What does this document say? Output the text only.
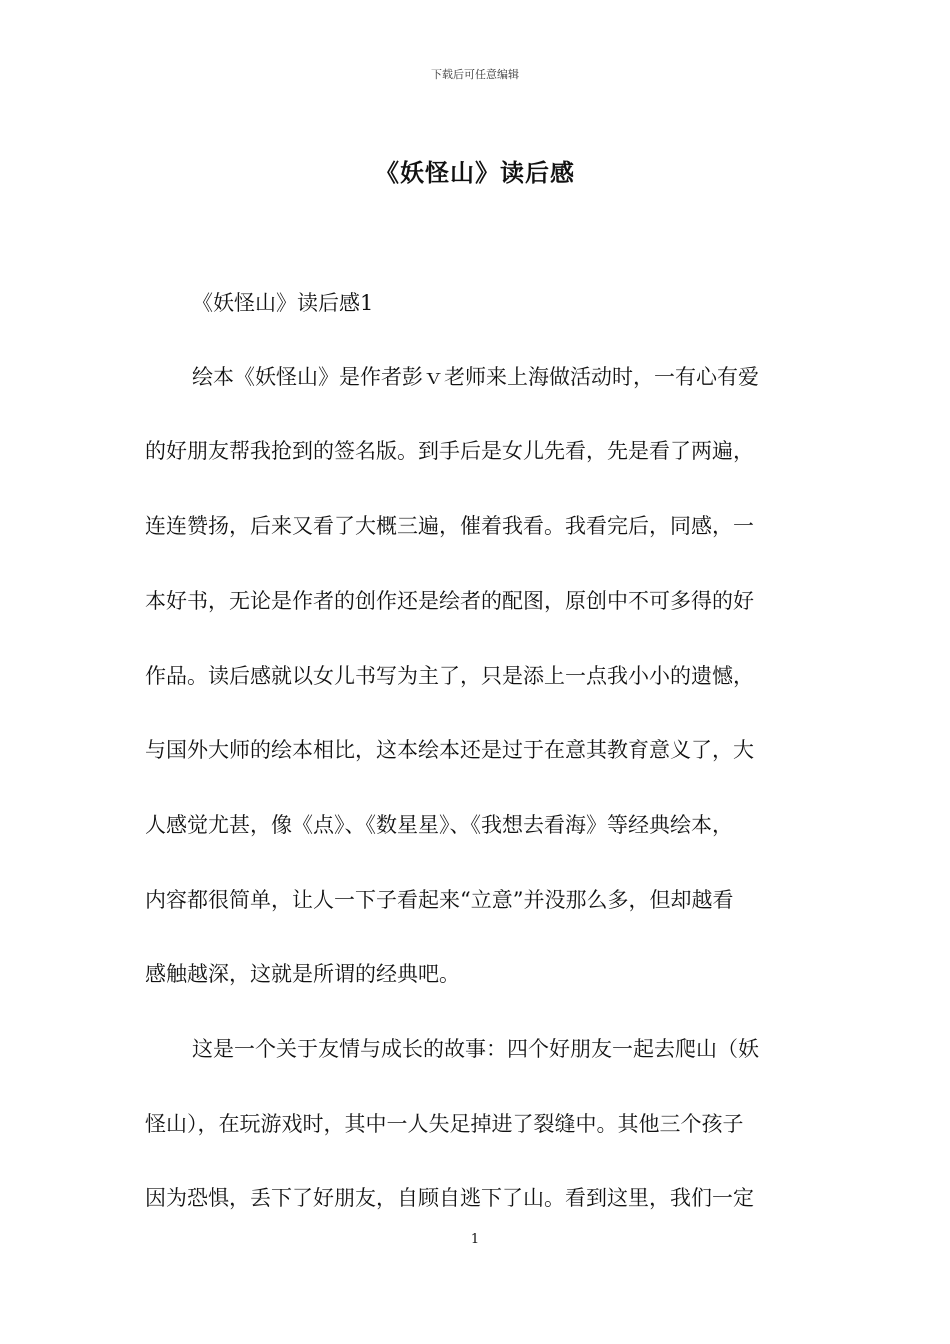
下载后可任意编辑
《妖怪山》读后感

《妖怪山》读后感1

绘本《妖怪山》是作者彭ｖ老师来上海做活动时，一有心有爱

的好朋友帮我抢到的签名版。到手后是女儿先看，先是看了两遍，

连连赞扬，后来又看了大概三遍，催着我看。我看完后，同感，一

本好书，无论是作者的创作还是绘者的配图，原创中不可多得的好

作品。读后感就以女儿书写为主了，只是添上一点我小小的遗憾，

与国外大师的绘本相比，这本绘本还是过于在意其教育意义了，大

人感觉尤甚，像《点》、《数星星》、《我想去看海》等经典绘本，

内容都很简单，让人一下子看起来“立意”并没那么多，但却越看

感触越深，这就是所谓的经典吧。

这是一个关于友情与成长的故事：四个好朋友一起去爬山（妖

怪山），在玩游戏时，其中一人失足掉进了裂缝中。其他三个孩子

因为恐惧，丢下了好朋友，自顾自逃下了山。看到这里，我们一定

1
